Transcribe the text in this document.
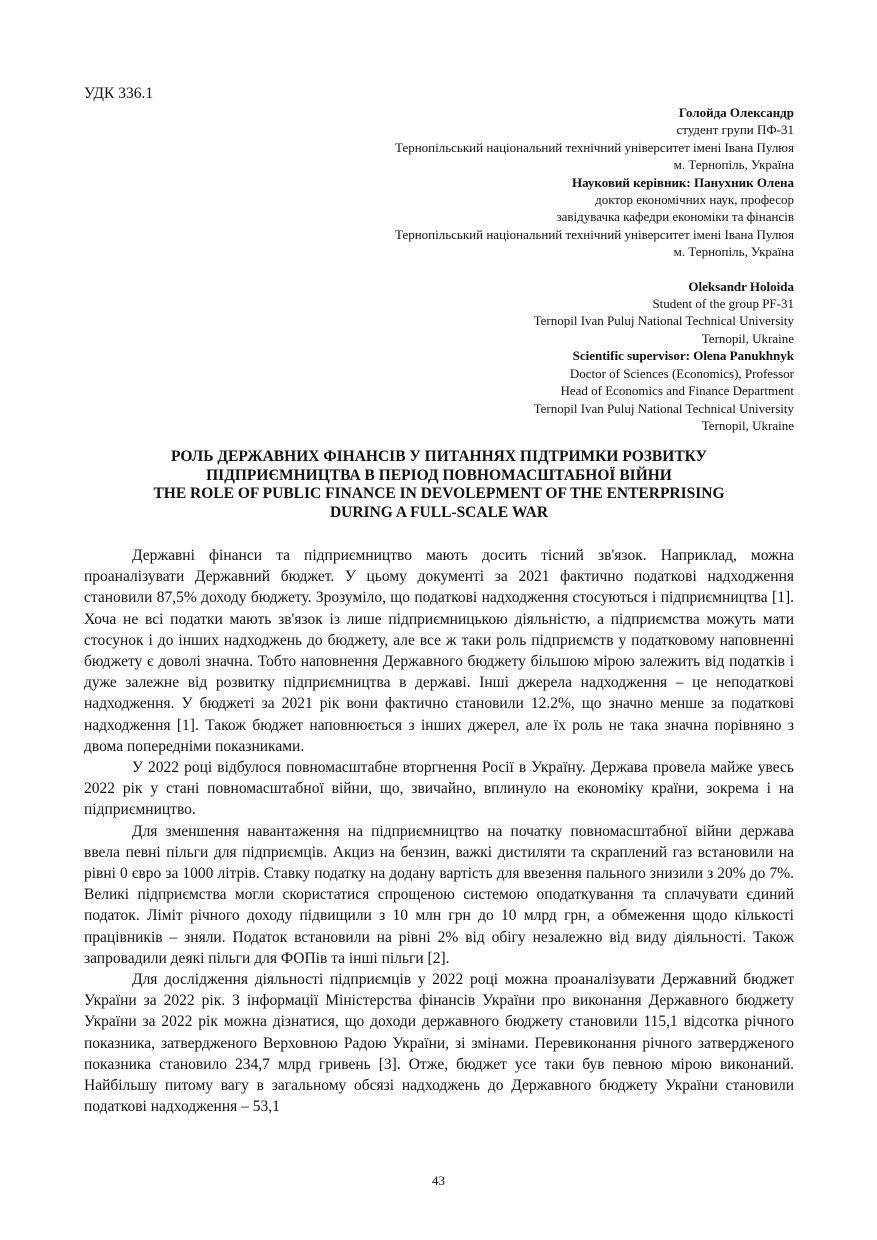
УДК 336.1
Голойда Олександр
студент групи ПФ-31
Тернопільський національний технічний університет імені Івана Пулюя
м. Тернопіль, Україна
Науковий керівник: Панухник Олена
доктор економічних наук, професор
завідувачка кафедри економіки та фінансів
Тернопільський національний технічний університет імені Івана Пулюя
м. Тернопіль, Україна
Oleksandr Holoida
Student of the group PF-31
Ternopil Ivan Puluj National Technical University
Ternopil, Ukraine
Scientific supervisor: Olena Panukhnyk
Doctor of Sciences (Economics), Professor
Head of Economics and Finance Department
Ternopil Ivan Puluj National Technical University
Ternopil, Ukraine
РОЛЬ ДЕРЖАВНИХ ФІНАНСІВ У ПИТАННЯХ ПІДТРИМКИ РОЗВИТКУ
ПІДПРИЄМНИЦТВА В ПЕРІОД ПОВНОМАСШТАБНОЇ ВІЙНИ
THE ROLE OF PUBLIC FINANCE IN DEVOLEPMENT OF THE ENTERPRISING
DURING A FULL-SCALE WAR

Державні фінанси та підприємництво мають досить тісний зв'язок. Наприклад, можна проаналізувати Державний бюджет. У цьому документі за 2021 фактично податкові надходження становили 87,5% доходу бюджету. Зрозуміло, що податкові надходження стосуються і підприємництва [1]. Хоча не всі податки мають зв'язок із лише підприємницькою діяльністю, а підприємства можуть мати стосунок і до інших надходжень до бюджету, але все ж таки роль підприємств у податковому наповненні бюджету є доволі значна. Тобто наповнення Державного бюджету більшою мірою залежить від податків і дуже залежне від розвитку підприємництва в державі. Інші джерела надходження – це неподаткові надходження. У бюджеті за 2021 рік вони фактично становили 12.2%, що значно менше за податкові надходження [1]. Також бюджет наповнюється з інших джерел, але їх роль не така значна порівняно з двома попередніми показниками.

У 2022 році відбулося повномасштабне вторгнення Росії в Україну. Держава провела майже увесь 2022 рік у стані повномасштабної війни, що, звичайно, вплинуло на економіку країни, зокрема і на підприємництво.

Для зменшення навантаження на підприємництво на початку повномасштабної війни держава ввела певні пільги для підприємців. Акциз на бензин, важкі дистиляти та скраплений газ встановили на рівні 0 євро за 1000 літрів. Ставку податку на додану вартість для ввезення пального знизили з 20% до 7%. Великі підприємства могли скористатися спрощеною системою оподаткування та сплачувати єдиний податок. Ліміт річного доходу підвищили з 10 млн грн до 10 млрд грн, а обмеження щодо кількості працівників – зняли. Податок встановили на рівні 2% від обігу незалежно від виду діяльності. Також запровадили деякі пільги для ФОПів та інші пільги [2].

Для дослідження діяльності підприємців у 2022 році можна проаналізувати Державний бюджет України за 2022 рік. З інформації Міністерства фінансів України про виконання Державного бюджету України за 2022 рік можна дізнатися, що доходи державного бюджету становили 115,1 відсотка річного показника, затвердженого Верховною Радою України, зі змінами. Перевиконання річного затвердженого показника становило 234,7 млрд гривень [3]. Отже, бюджет усе таки був певною мірою виконаний. Найбільшу питому вагу в загальному обсязі надходжень до Державного бюджету України становили податкові надходження – 53,1

43
